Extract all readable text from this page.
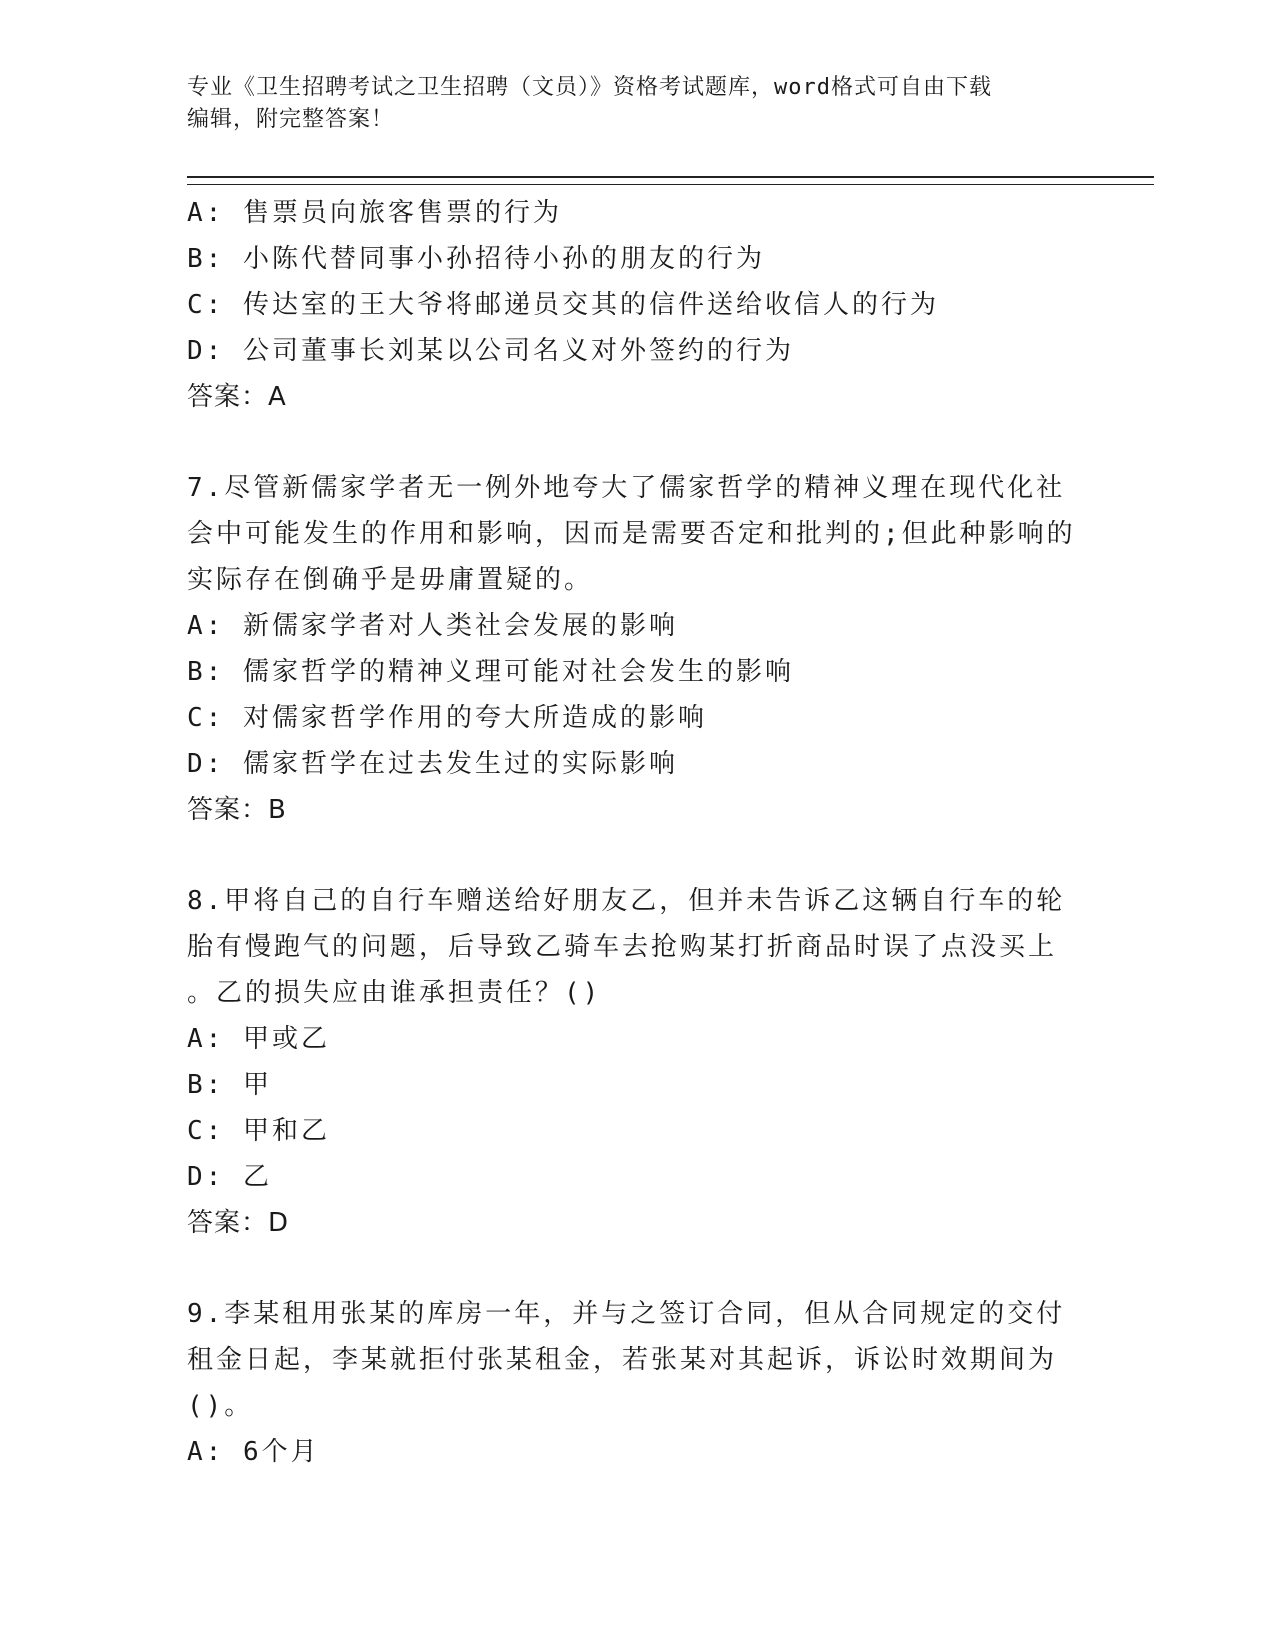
专业《卫生招聘考试之卫生招聘（文员）》资格考试题库，word格式可自由下载
编辑，附完整答案！
A: 售票员向旅客售票的行为
B: 小陈代替同事小孙招待小孙的朋友的行为
C: 传达室的王大爷将邮递员交其的信件送给收信人的行为
D: 公司董事长刘某以公司名义对外签约的行为
答案：A
7.尽管新儒家学者无一例外地夸大了儒家哲学的精神义理在现代化社
会中可能发生的作用和影响，因而是需要否定和批判的;但此种影响的
实际存在倒确乎是毋庸置疑的。
A: 新儒家学者对人类社会发展的影响
B: 儒家哲学的精神义理可能对社会发生的影响
C: 对儒家哲学作用的夸大所造成的影响
D: 儒家哲学在过去发生过的实际影响
答案：B
8.甲将自己的自行车赠送给好朋友乙，但并未告诉乙这辆自行车的轮
胎有慢跑气的问题，后导致乙骑车去抢购某打折商品时误了点没买上
。乙的损失应由谁承担责任？()
A: 甲或乙
B: 甲
C: 甲和乙
D: 乙
答案：D
9.李某租用张某的库房一年，并与之签订合同，但从合同规定的交付
租金日起，李某就拒付张某租金，若张某对其起诉，诉讼时效期间为
()。
A: 6个月
